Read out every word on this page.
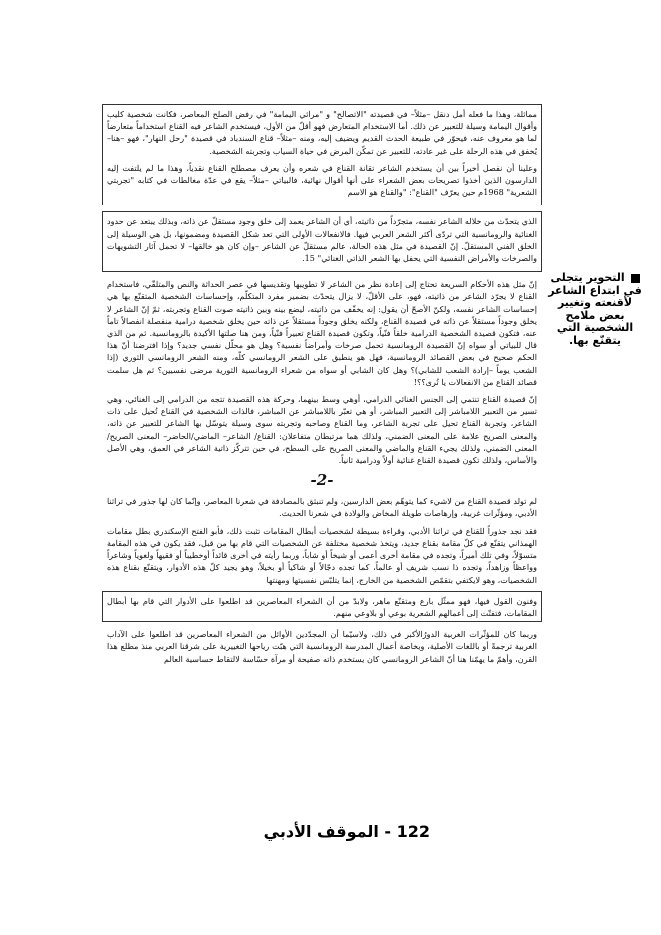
مماثلة، وهذا ما فعله أمل دنقل –مثلاً– في قصيدته "الاتصالح" و "مراثي اليمامة" في رفض الصلح المعاصر، فكانت شخصية كليب وأقوال اليمامة وسيلة للتعبير عن ذلك. أما الاستخدام المتعارض فهو أقلّ من الأول، فيستخدم الشاعر فيه القناع استخداماً متعارضاً لما هو معروف عنه، فيحوّر في طبيعة الحدث القديم ويضيف إليه، ومنه –مثلاً– قناع السندباد في قصيدة "رحل النهار"، فهو –هنا– يُخفق في هذه الرحلة على غير عادته، للتعبير عن تمكّن المرض في حياة السياب وتجربته الشخصية.

وعلينا أن نفصل أخيراً بين أن يستخدم الشاعر تقانة القناع في شعره وأن يعرف مصطلح القناع نقدياً، وهذا ما لم يلتفت إليه الدارسون الذين أخذوا تصريحات بعض الشعراء على أنها أقوال نهائية، فالبياتي –مثلاً– يقع في عدّة مغالطات في كتابه "تجربتي الشعرية" 1968م حين يعرّف "القناع": "والقناع هو الاسم

الذي يتحدّث من خلاله الشاعر نفسه، متجرّداً من ذاتيته، أي أن الشاعر يعمد إلى خلق وجود مستقلّ عن ذاته، وبذلك يبتعد عن حدود الغنائية والرومانسية التي تردّى أكثر الشعر العربي فيها. فالانفعالات الأولى التي تعد شكل القصيدة ومضمونها، بل هي الوسيلة إلى الخلق الفني المستقلّ. إنّ القصيدة في مثل هذه الحالة، عالم مستقلّ عن الشاعر –وإن كان هو خالقها– لا تحمل آثار التشويهات والصرخات والأمراض النفسية التي يحفل بها الشعر الذاتي الغنائي" 15.

إنّ مثل هذه الأحكام السريعة تحتاج إلى إعادة نظر من الشاعر لا تطويبها وتقديسها في عصر الحداثة والنص والمتلقّي، فاستخدام القناع لا يجرّد الشاعر من ذاتيته، فهو، على الأقلّ، لا يزال يتحدّث بضمير مفرد المتكلّم، وإحساسات الشخصية المتقنّع بها هي إحساسات الشاعر نفسه، ولكنّ الأصحّ أن يقول: إنه يخفّف من ذاتيته، ليضع بينه وبين ذاتيته صوت القناع وتجربته، ثمّ إنّ الشاعر لا يخلق وجوداً مستقلاً عن ذاته في قصيدة القناع، ولكنه يخلق وجوداً مستقلاً عن ذاته حين يخلق شخصية درامية منفصلة انفصالاً تاماً عنه، فتكون قصيدة الشخصية الدرامية خلقاً فنّياً، وتكون قصيدة القناع تعبيراً فنّياً، ومن هنا صلتها الأكيدة بالرومانسية. ثم من الذي قال للبياتي أو سواه إنّ القصيدة الرومانسية تحمل صرخات وأمراضاً نفسية؟ وهل هو محلّل نفسي جديد؟ وإذا افترضنا أنّ هذا الحكم صحيح في بعض القصائد الرومانسية، فهل هو ينطبق على الشعر الرومانسي كلّه، ومنه الشعر الرومانسي الثوري (إذا الشعب يوماً –إرادة الشعب للشابي)؟ وهل كان الشابي أو سواه من شعراء الرومانسية الثورية مرضى نفسيين؟ ثم هل سلمت قصائد القناع من الانفعالات يا تُرى؟؟!

إنّ قصيدة القناع تنتمي إلى الجنس الغنائي الدرامي، أوهي وسط بينهما، وحركة هذه القصيدة تتجه من الدرامي إلى الغنائي، وهي تسير من التعبير اللامباشر إلى التعبير المباشر، أو هي تعبّر باللامباشر عن المباشر، فالذات الشخصية في القناع تُحيل على ذات الشاعر، وتجربة القناع تحيل على تجربة الشاعر، وما القناع وصاحبه وتجربته سوى وسيلة يتوسّل بها الشاعر للتعبير عن ذاته، والمعنى الصريح علامة على المعنى الضمني، ولذلك هما مرتبطان متفاعلان: القناع/ الشاعر– الماضي/الحاضر– المعنى الصريح/ المعنى الضمني، ولذلك يجيء القناع والماضي والمعنى الصريح على السطح، في حين تتركّز ذاتية الشاعر في العمق، وهي الأصل والأساس، ولذلك تكون قصيدة القناع غنائية أولاً ودرامية ثانياً.

-2-

لم تولد قصيدة القناع من لاشيء كما يتوهّم بعض الدارسين، ولم تنبثق بالمصادفة في شعرنا المعاصر، وإنّما كان لها جذور في تراثنا الأدبي، ومؤثّرات غربية، وإرهاصات طويلة المخاض والولادة في شعرنا الحديث.

فقد نجد جذوراً للقناع في تراثنا الأدبي، وقراءة بسيطة لشخصيات أبطال المقامات تثبت ذلك، فأبو الفتح الإسكندري بطل مقامات الهمذاني يتقنّع في كلّ مقامة بقناع جديد، ويتخذ شخصية مختلفة عن الشخصيات التي قام بها من قبل، فقد يكون في هذه المقامة متسوّلاً، وفي تلك أميراً، وتجده في مقامة أخرى أعمى أو شيخاً أو شاباً، وربما رأيته في أخرى قائداً أوخطيباً أو فقيهاً ولغوياً وشاعراً وواعظاً وزاهداً، وتجده ذا نسب شريف أو عالماً، كما تجده دجّالاً أو شاكياً أو بخيلاً، وهو يجيد كلّ هذه الأدوار، ويتقنّع بقناع هذه الشخصيات، وهو لايكتفي بتقمّص الشخصية من الخارج، إنما يتلبّس نفسيتها ومهنتها

وفنون القول فيها، فهو ممثّل بارع ومتقنّع ماهر، ولابدّ من أن الشعراء المعاصرين قد اطلعوا على الأدوار التي قام بها أبطال المقامات، فتفتّت إلى أعمالهم الشعرية بوعي أو بلاوعي منهم.

وربما كان للمؤثّرات الغربية الدورُالأكبر في ذلك، ولاسيّما أن المجدّدين الأوائل من الشعراء المعاصرين قد اطلعوا على الآداب الغربية ترجمةً أو باللغات الأصلية، وبخاصة أعمال المدرسة الرومانسية التي هبّت رياحها التغييرية على شرقنا العربي منذ مطلع هذا القرن، وأهمّ ما يهمّنا هنا أنّ الشاعر الرومانسي كان يستخدم ذاته صفيحة أو مرآة حسّاسة لالتقاط حساسية العالم

التحوير يتجلى في ابتداع الشاعر لأقنعته وتغيير بعض ملامح الشخصية التي يتقنّع بها.
122 - الموقف الأدبي
